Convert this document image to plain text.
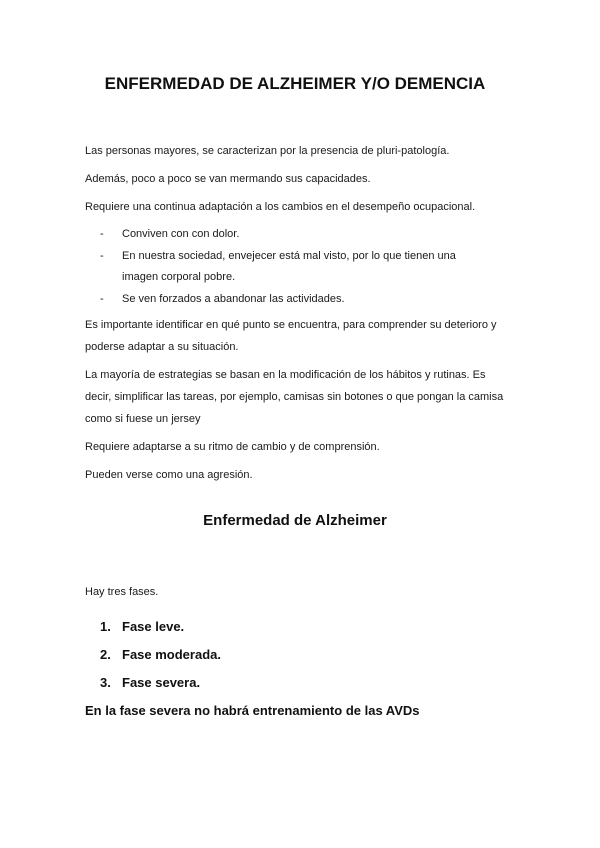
ENFERMEDAD DE ALZHEIMER Y/O DEMENCIA

Las personas mayores, se caracterizan por la presencia de pluri-patología.

Además, poco a poco se van mermando sus capacidades.

Requiere una continua adaptación a los cambios en el desempeño ocupacional.

-	Conviven con con dolor.
-	En nuestra sociedad, envejecer está mal visto, por lo que tienen una imagen corporal pobre.
-	Se ven forzados a abandonar las actividades.

Es importante identificar en qué punto se encuentra, para comprender su deterioro y poderse adaptar a su situación.

La mayoría de estrategias se basan en la modificación de los hábitos y rutinas. Es decir, simplificar las tareas, por ejemplo, camisas sin botones o que pongan la camisa como si fuese un jersey

Requiere adaptarse a su ritmo de cambio y de comprensión.

Pueden verse como una agresión.

Enfermedad de Alzheimer

Hay tres fases.

1. Fase leve.
2. Fase moderada.
3. Fase severa.

En la fase severa no habrá entrenamiento de las AVDs
